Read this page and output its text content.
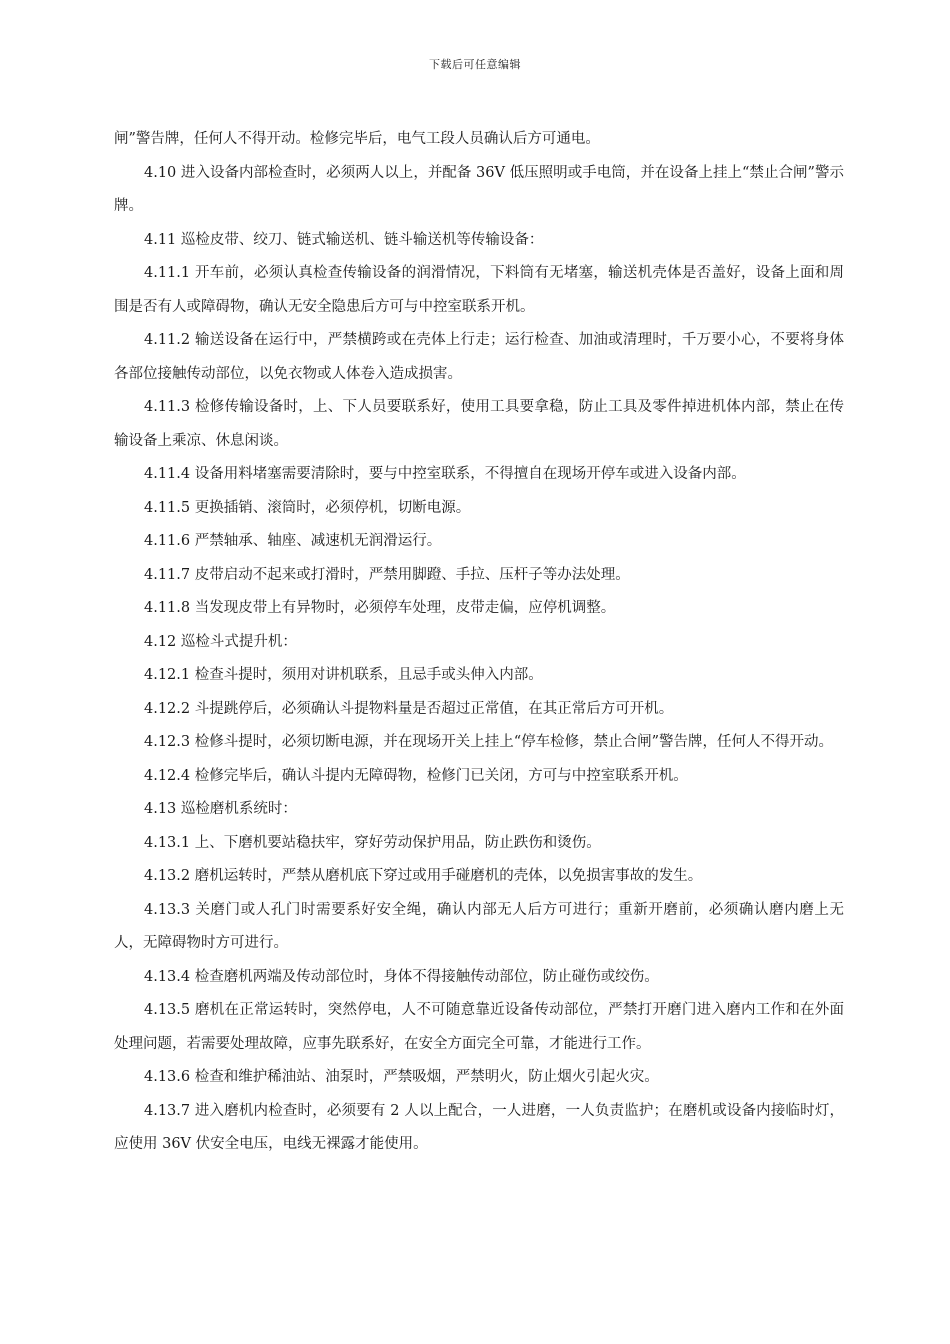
下载后可任意编辑

闸”警告牌，任何人不得开动。检修完毕后，电气工段人员确认后方可通电。

4.10 进入设备内部检查时，必须两人以上，并配备 36V 低压照明或手电筒，并在设备上挂上“禁止合闸”警示牌。

4.11 巡检皮带、绞刀、链式输送机、链斗输送机等传输设备：

4.11.1 开车前，必须认真检查传输设备的润滑情况，下料筒有无堵塞，输送机壳体是否盖好，设备上面和周围是否有人或障碍物，确认无安全隐患后方可与中控室联系开机。

4.11.2 输送设备在运行中，严禁横跨或在壳体上行走；运行检查、加油或清理时，千万要小心，不要将身体各部位接触传动部位，以免衣物或人体卷入造成损害。

4.11.3 检修传输设备时，上、下人员要联系好，使用工具要拿稳，防止工具及零件掉进机体内部，禁止在传输设备上乘凉、休息闲谈。

4.11.4 设备用料堵塞需要清除时，要与中控室联系，不得擅自在现场开停车或进入设备内部。

4.11.5 更换插销、滚筒时，必须停机，切断电源。

4.11.6 严禁轴承、轴座、减速机无润滑运行。

4.11.7 皮带启动不起来或打滑时，严禁用脚蹬、手拉、压杆子等办法处理。

4.11.8 当发现皮带上有异物时，必须停车处理，皮带走偏，应停机调整。

4.12 巡检斗式提升机：

4.12.1 检查斗提时，须用对讲机联系，且忌手或头伸入内部。

4.12.2 斗提跳停后，必须确认斗提物料量是否超过正常值，在其正常后方可开机。

4.12.3 检修斗提时，必须切断电源，并在现场开关上挂上“停车检修，禁止合闸”警告牌，任何人不得开动。

4.12.4 检修完毕后，确认斗提内无障碍物，检修门已关闭，方可与中控室联系开机。

4.13 巡检磨机系统时：

4.13.1 上、下磨机要站稳扶牢，穿好劳动保护用品，防止跌伤和烫伤。

4.13.2 磨机运转时，严禁从磨机底下穿过或用手碰磨机的壳体，以免损害事故的发生。

4.13.3 关磨门或人孔门时需要系好安全绳，确认内部无人后方可进行；重新开磨前，必须确认磨内磨上无人，无障碍物时方可进行。

4.13.4 检查磨机两端及传动部位时，身体不得接触传动部位，防止碰伤或绞伤。

4.13.5 磨机在正常运转时，突然停电，人不可随意靠近设备传动部位，严禁打开磨门进入磨内工作和在外面处理问题，若需要处理故障，应事先联系好，在安全方面完全可靠，才能进行工作。

4.13.6 检查和维护稀油站、油泵时，严禁吸烟，严禁明火，防止烟火引起火灾。

4.13.7 进入磨机内检查时，必须要有 2 人以上配合，一人进磨，一人负责监护；在磨机或设备内接临时灯，应使用 36V 伏安全电压，电线无裸露才能使用。
